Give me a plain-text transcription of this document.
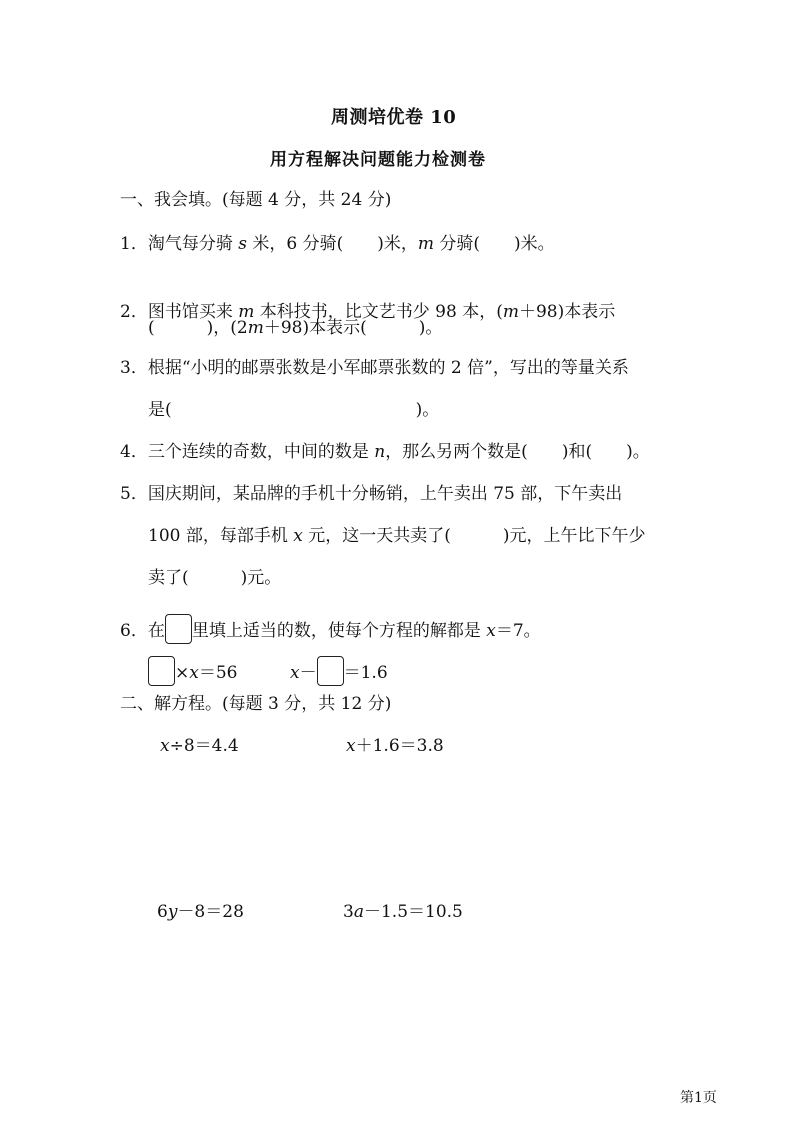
周测培优卷 10
用方程解决问题能力检测卷
一、我会填。(每题 4 分，共 24 分)
1．淘气每分骑 s 米，6 分骑( )米，m 分骑( )米。
2．图书馆买来 m 本科技书，比文艺书少 98 本，(m＋98)本表示
(	)，(2m＋98)本表示(	)。
3．根据“小明的邮票张数是小军邮票张数的 2 倍”，写出的等量关系
是(	)。
4．三个连续的奇数，中间的数是 n，那么另两个数是( )和( )。
5．国庆期间，某品牌的手机十分畅销，上午卖出 75 部，下午卖出
100 部，每部手机 x 元，这一天共卖了(	)元，上午比下午少
卖了(	)元。
6．在 里填上适当的数，使每个方程的解都是 x＝7。
×x＝56	x－ ＝1.6
二、解方程。(每题 3 分，共 12 分)
x÷8＝4.4	x＋1.6＝3.8
6y－8＝28	3a－1.5＝10.5
第1页
